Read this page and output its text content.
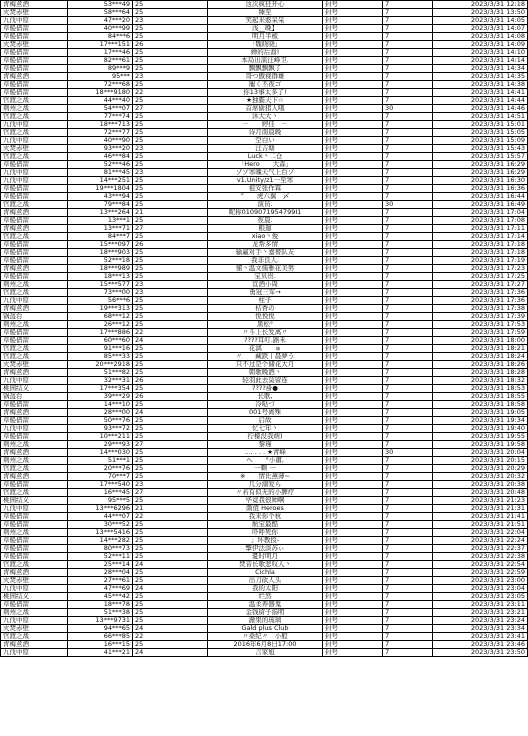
青梅煮酒	53***49	25	这次疯狂开心	封号	7	2023/3/31 12:18
火焚赤壁	58***64	25	臻至	封号	7	2023/3/31 13:50
九伐中原	47***20	23	笑起来憨呆呆	封号	7	2023/3/31 14:05
草船借箭	40***99	25	浅__晚】	封号	7	2023/3/31 14:07
草船借箭	84***6	25	明月半梳	封号	7	2023/3/31 14:08
火焚赤壁	17***151	26	「魏晓晓」	封号	7	2023/3/31 14:09
草船借箭	17***46	25	婵的后裔!	封号	7	2023/3/31 14:10
草船借箭	82***61	25	本局出演汪峰卫.	封号	7	2023/3/31 14:14
草船借箭	89***9	25	飘飘飘飘了	封号	7	2023/3/31 14:34
青梅煮酒	95***	23	哥つ傲视群雄	封号	7	2023/3/31 14:35
草船借箭	72***68	25	寵く丕夜ゴ	封号	7	2023/3/31 14:38
草船借箭	18***9180	22	你13事太多了!	封号	7	2023/3/31 14:41
官渡之战	44***40	25	★独霸天下☆	封号	7	2023/3/31 14:44
荆州之战	54***07	27	首席偷猪人哦	封号	30	2023/3/31 14:46
官渡之战	77***74	25	沐大大丶	封号	7	2023/3/31 14:51
九伐中原	18***713	25	－　　婷佳　－	封号	7	2023/3/31 15:01
官渡之战	72***77	25	诗月南晨晚	封号	7	2023/3/31 15:05
九伐中原	40***90	25	空白い	封号	7	2023/3/31 15:09
火焚赤壁	93***20	23	汪吉塘	封号	7	2023/3/31 15:43
官渡之战	46***84	25	Luck丶二仓	封号	7	2023/3/31 15:57
草船借箭	52***46	25	「Hero　　大森」	封号	7	2023/3/31 16:29
九伐中原	81***45	23	ゾゾ寒魄天气上台ゾ	封号	7	2023/3/31 16:29
九伐中原	14***251	25	v1.Unity/z1一至寒	封号	7	2023/3/31 16:30
草船借箭	19***1804	25	祖安张作霖	封号	7	2023/3/31 16:36
草船借箭	43***94	25	”　　虎六翼　〆	封号	7	2023/3/31 16:44
官渡之战	79***84	25	演员.	封号	30	2023/3/31 16:49
青梅煮酒	13***264	21	昵称0109071954799I1	封号	7	2023/3/31 17:04
草船借箭	13***1	25	夜晨.	封号	7	2023/3/31 17:08
青梅煮酒	13***71	27	粮迦	封号	7	2023/3/31 17:11
官渡之战	84***7	25	xiao丶俊	封号	7	2023/3/31 17:14
草船借箭	15***097	26	龙帮多情	封号	7	2023/3/31 17:18
草船借箭	18***903	25	输赢对手丶嘉赟队友	封号	7	2023/3/31 17:18
草船借箭	52***18	25	我非良人.	封号	7	2023/3/31 17:19
青梅煮酒	18***989	25	懂丶温文儒雅花美男	封号	7	2023/3/31 17:23
草船借箭	18***13	25	宝贝贵.	封号	7	2023/3/31 17:25
荆州之战	15***577	23	宣酒小周	封号	7	2023/3/31 17:27
官渡之战	73***00	23	勇冠三军→	封号	7	2023/3/31 17:36
九伐中原	56***6	25	柱子	封号	7	2023/3/31 17:36
青梅煮酒	19***313	25	桔香の	封号	7	2023/3/31 17:38
锅盔台	68***12	25	悦悦悦	封号	7	2023/3/31 17:39
荆州之战	26***12	25	黑松°	封号	7	2023/3/31 17:53
草船借箭	17***886	22	〃斗上长发离〃	封号	7	2023/3/31 17:59
草船借箭	60***60	24	????耳叮.路禾	封号	7	2023/3/31 18:00
官渡之战	91***16	25	花漓　　ゅ	封号	7	2023/3/31 18:21
官渡之战	85***33	25	〃　　藏跌丨晨夢う	封号	7	2023/3/31 18:24
火焚赤壁	20***2918	25	只不过是个储花大月	封号	7	2023/3/31 18:26
青梅煮酒	51***82	25	朝歌晚酒丶	封号	7	2023/3/31 18:28
九伐中原	32***31	26	轻羽此去莫留连	封号	7	2023/3/31 18:32
桃园结义	17***354	25	????褂●	封号	7	2023/3/31 18:53
锅盔台	39***29	26	长歌,	封号	7	2023/3/31 18:55
草船借箭	14***10	25	冷哒づ	封号	7	2023/3/31 18:58
青梅煮酒	28***00	24	001号离殊	封号	7	2023/3/31 19:05
草船借箭	50***76	25	启故	封号	7	2023/3/31 19:34
九伐中原	93***72	25	忆七年丶	封号	7	2023/3/31 19:40
草船借箭	10***211	25	拧檬没我萌)	封号	7	2023/3/31 19:55
荆州之战	29***93	27	黎瑾	封号	7	2023/3/31 19:58
青梅煮酒	14***030	25	…. . . . ★青峰	封号	30	2023/3/31 20:04
荆州之战	51***1	25	へ　　°小肅,	封号	7	2023/3/31 20:15
官渡之战	20***76	25	一颗 一	封号	7	2023/3/31 20:29
青梅煮酒	70***7	25	※　　情比燕薄~	封号	7	2023/3/31 20:32
草船借箭	17***540	23	几分溺爱ら	封号	7	2023/3/31 20:38
官渡之战	16***45	27	〃若有似无的小脾疗	封号	7	2023/3/31 20:48
桃园结义	95***5	25	毕竟我很帅啊	封号	7	2023/3/31 21:23
九伐中原	13***6296	21	颜值 Heroes	封号	7	2023/3/31 21:31
草船借箭	44***07	22	我来你个杭	封号	7	2023/3/31 21:41
草船借箭	30***52	25	航宝最酷	封号	7	2023/3/31 21:51
荆州之战	13***5416	25	吓呼死你	封号	7	2023/3/31 22:04
草船借箭	14***282	25	」坏教授-	封号	7	2023/3/31 22:24
草船借箭	80***73	25	擎伊法淡苏ぃ	封号	7	2023/3/31 22:37
草船借箭	52***11	25	憂时明月	封号	7	2023/3/31 22:38
官渡之战	25***14	24	焚音长歌悲叹人丶	封号	7	2023/3/31 22:54
青梅煮酒	28***04	25	Cichla	封号	7	2023/3/31 22:59
火焚赤壁	27***61	25	出刀砍人头	封号	7	2023/3/31 23:00
九伐中原	47***69	24	我的太阳	封号	7	2023/3/31 23:04
桃园结义	45***42	25	烂然	封号	7	2023/3/31 23:05
草船借箭	18***78	25	温柔养器鬼	封号	7	2023/3/31 23:11
荆州之战	51***38	25	金钱留子指明	封号	7	2023/3/31 23:21
九伐中原	13***9731	25	澈果的琉璃	封号	7	2023/3/31 23:24
火焚赤壁	94***65	24	Gald plus Club	封号	7	2023/3/31 23:34
官渡之战	66***85	22	〃桑纪〃　小般	封号	7	2023/3/31 23:41
青梅煮酒	16***15	25	2016年6月8日17:00	封号	7	2023/3/31 23:46
九伐中原	41***21	24	言家旭	封号	7	2023/3/31 23:50
